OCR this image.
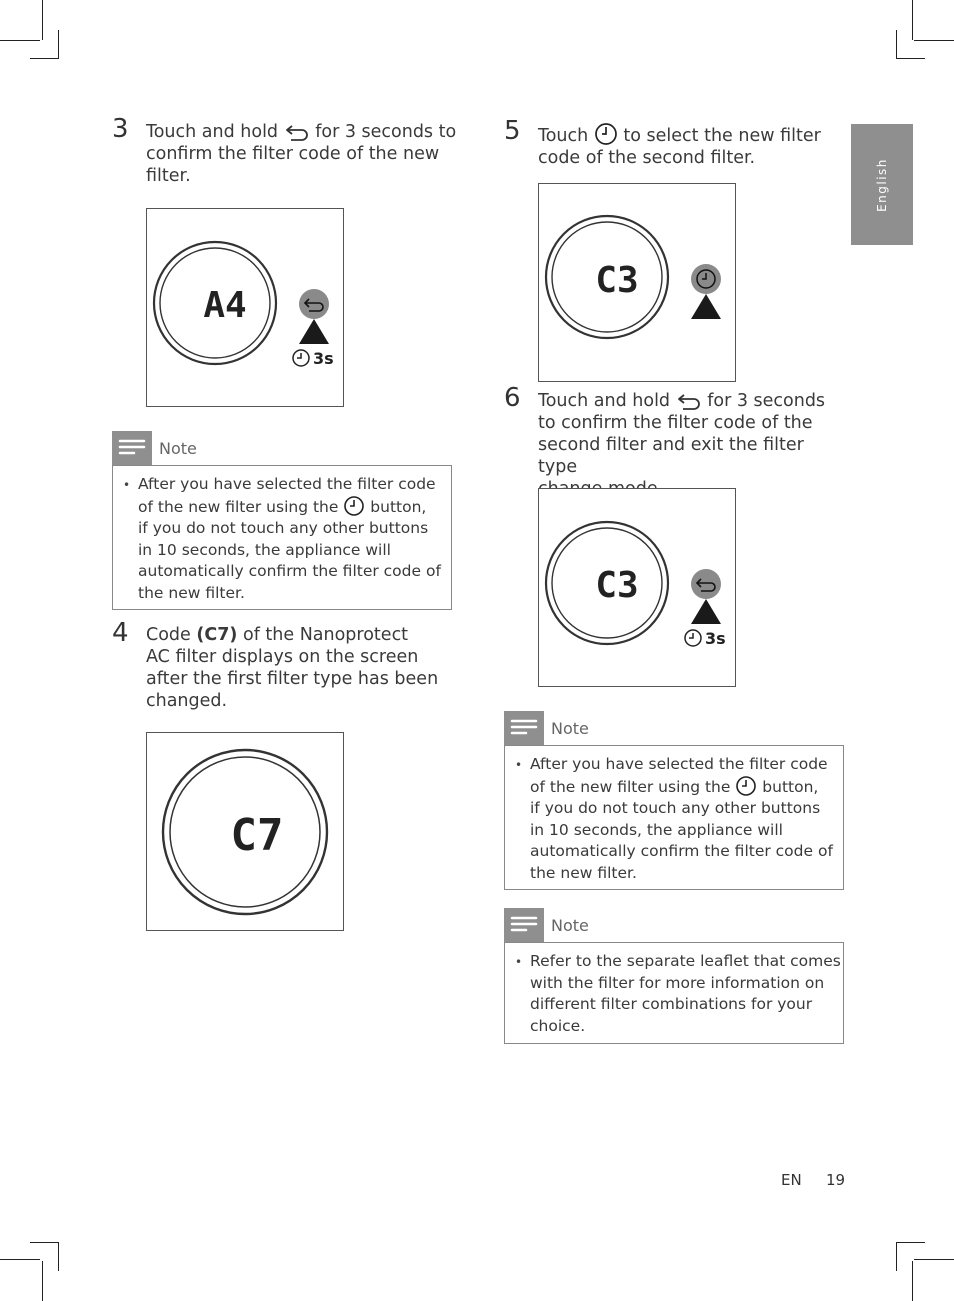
English
3 Touch and hold for 3 seconds to
confirm the filter code of the new
filter.
A4
3s
Note
• After you have selected the filter code
of the new filter using the button,
if you do not touch any other buttons
in 10 seconds, the appliance will
automatically confirm the filter code of
the new filter.
4 Code (C7) of the Nanoprotect
AC filter displays on the screen
after the first filter type has been
changed.
C7
5 Touch to select the new filter
code of the second filter.
C3
6 Touch and hold for 3 seconds
to confirm the filter code of the
second filter and exit the filter type
C3
3s
Note
• After you have selected the filter code
of the new filter using the button,
if you do not touch any other buttons
in 10 seconds, the appliance will
automatically confirm the filter code of
the new filter.
Note
• Refer to the separate leaflet that comes
with the filter for more information on
different filter combinations for your
choice.
EN 19
